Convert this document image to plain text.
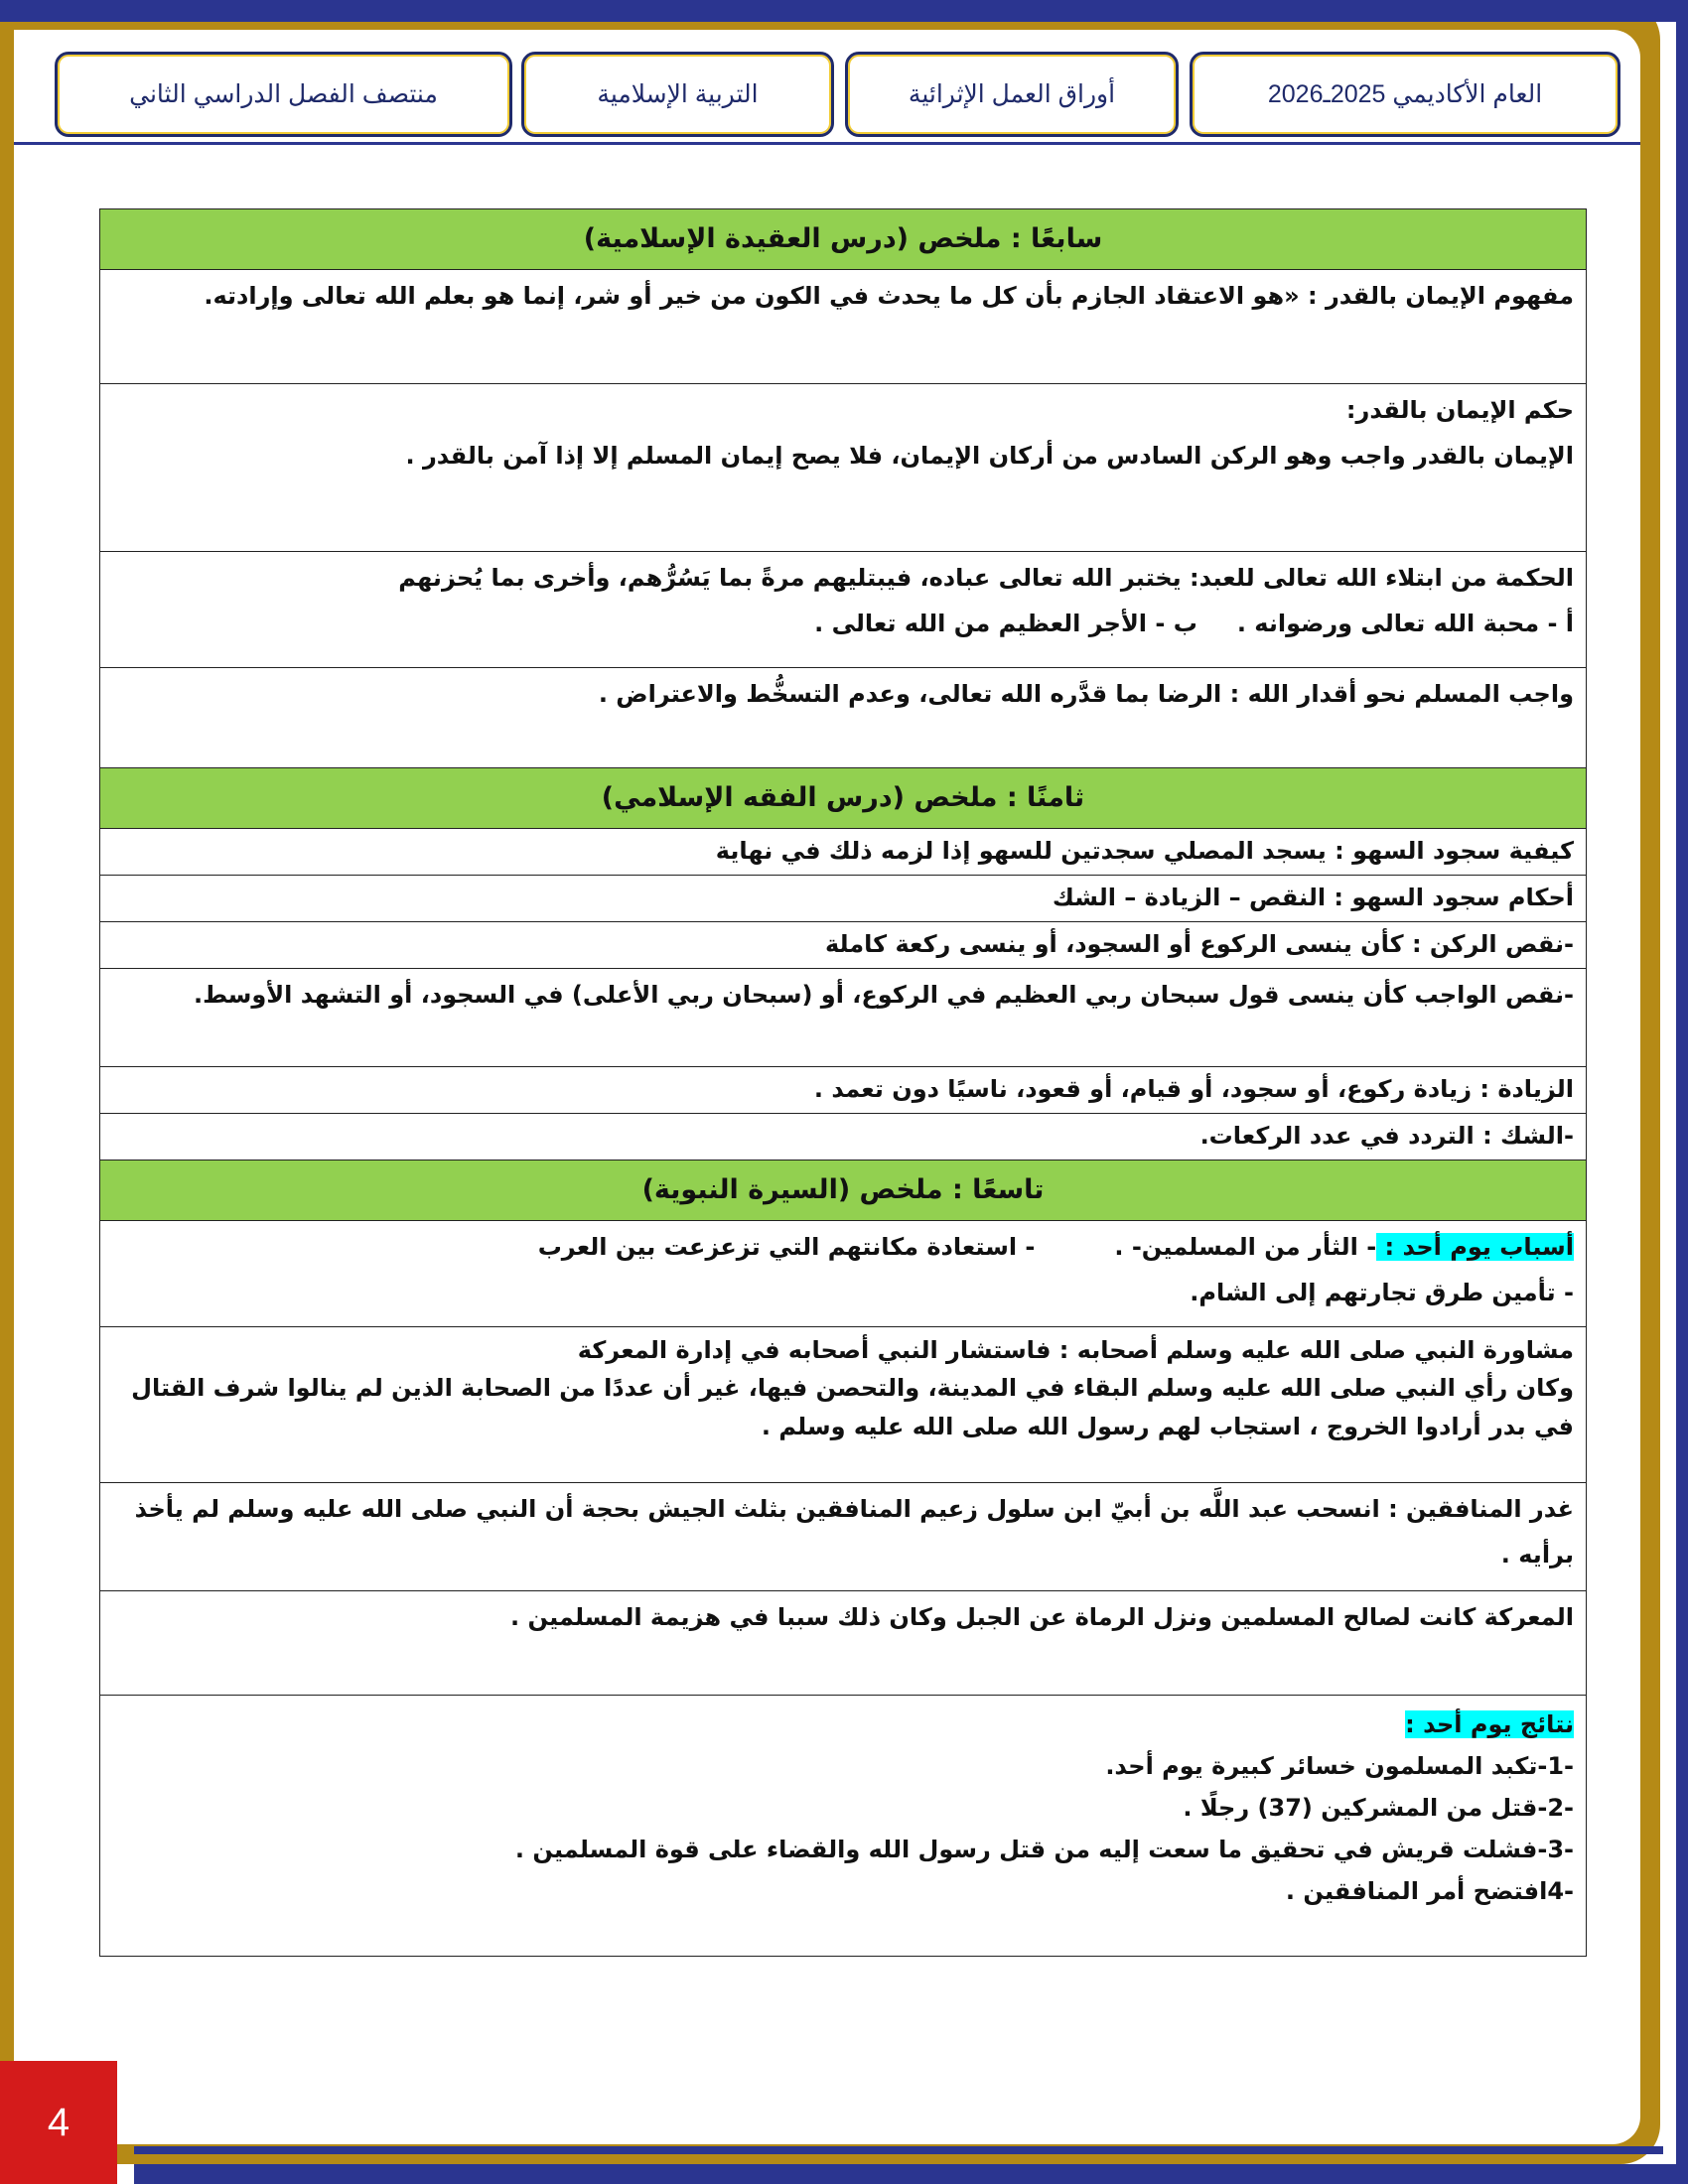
العام الأكاديمي 2025ـ2026
أوراق العمل الإثرائية
التربية الإسلامية
منتصف الفصل الدراسي الثاني
سابعًا : ملخص (درس العقيدة الإسلامية)
مفهوم الإيمان بالقدر : «هو الاعتقاد الجازم بأن كل ما يحدث في الكون من خير أو شر، إنما هو بعلم الله تعالى وإرادته.

حكم الإيمان بالقدر:
الإيمان بالقدر واجب وهو الركن السادس من أركان الإيمان، فلا يصح إيمان المسلم إلا إذا آمن بالقدر .

الحكمة من ابتلاء الله تعالى للعبد: يختبر الله تعالى عباده، فيبتليهم مرةً بما يَسُرُّهم، وأخرى بما يُحزنهم
أ - محبة الله تعالى ورضوانه .ب - الأجر العظيم من الله تعالى .
واجب المسلم نحو أقدار الله : الرضا بما قدَّره الله تعالى، وعدم التسخُّط والاعتراض .
ثامنًا : ملخص (درس الفقه الإسلامي)
كيفية سجود السهو : يسجد المصلي سجدتين للسهو إذا لزمه ذلك في نهاية
أحكام سجود السهو : النقص – الزيادة – الشك
-نقص الركن : كأن ينسى الركوع أو السجود، أو ينسى ركعة كاملة
-نقص الواجب كأن ينسى قول سبحان ربي العظيم في الركوع، أو (سبحان ربي الأعلى) في السجود، أو التشهد الأوسط.
الزيادة : زيادة ركوع، أو سجود، أو قيام، أو قعود، ناسيًا دون تعمد .
-الشك : التردد في عدد الركعات.
تاسعًا : ملخص (السيرة النبوية)

أسباب يوم أحد : - الثأر من المسلمين- .- استعادة مكانتهم التي تزعزعت بين العرب
- تأمين طرق تجارتهم إلى الشام.

مشاورة النبي صلى الله عليه وسلم أصحابه : فاستشار النبي أصحابه في إدارة المعركة
وكان رأي النبي صلى الله عليه وسلم البقاء في المدينة، والتحصن فيها، غير أن عددًا من الصحابة الذين لم ينالوا شرف القتال في بدر أرادوا الخروج ، استجاب لهم رسول الله صلى الله عليه وسلم .
غدر المنافقين : انسحب عبد اللَّه بن أبيّ ابن سلول زعيم المنافقين بثلث الجيش بحجة أن النبي صلى الله عليه وسلم لم يأخذ برأيه .
المعركة كانت لصالح المسلمين ونزل الرماة عن الجبل وكان ذلك سببا في هزيمة المسلمين .

نتائج يوم أحد :
-1-تكبد المسلمون خسائر كبيرة يوم أحد.
-2-قتل من المشركين (37) رجلًا .
-3-فشلت قريش في تحقيق ما سعت إليه من قتل رسول الله والقضاء على قوة المسلمين .
-4افتضح أمر المنافقين .
4
